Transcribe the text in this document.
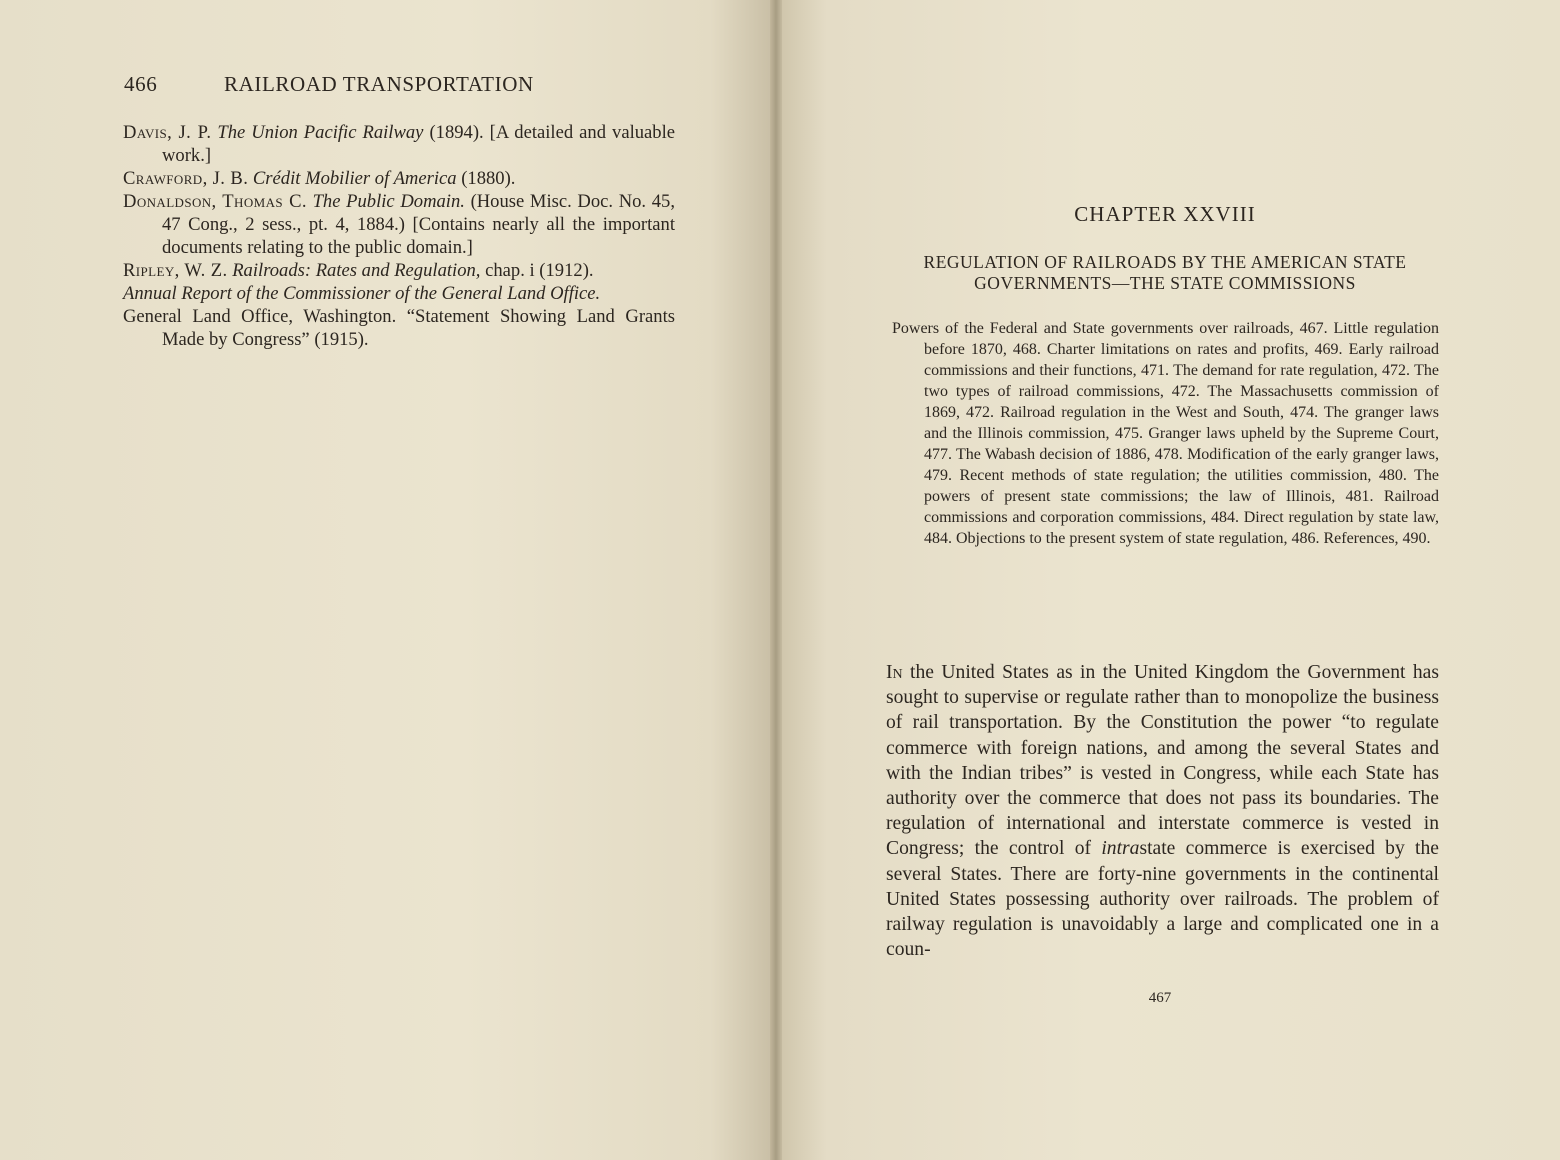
466	RAILROAD TRANSPORTATION
Davis, J. P. The Union Pacific Railway (1894). [A detailed and valuable work.]
Crawford, J. B. Crédit Mobilier of America (1880).
Donaldson, Thomas C. The Public Domain. (House Misc. Doc. No. 45, 47 Cong., 2 sess., pt. 4, 1884.) [Contains nearly all the important documents relating to the public domain.]
Ripley, W. Z. Railroads: Rates and Regulation, chap. i (1912).
Annual Report of the Commissioner of the General Land Office.
General Land Office, Washington. “Statement Showing Land Grants Made by Congress” (1915).
CHAPTER XXVIII
REGULATION OF RAILROADS BY THE AMERICAN STATE GOVERNMENTS—THE STATE COMMISSIONS
Powers of the Federal and State governments over railroads, 467. Little regulation before 1870, 468. Charter limitations on rates and profits, 469. Early railroad commissions and their functions, 471. The demand for rate regulation, 472. The two types of railroad commissions, 472. The Massachusetts commission of 1869, 472. Railroad regulation in the West and South, 474. The granger laws and the Illinois commission, 475. Granger laws upheld by the Supreme Court, 477. The Wabash decision of 1886, 478. Modification of the early granger laws, 479. Recent methods of state regulation; the utilities commission, 480. The powers of present state commissions; the law of Illinois, 481. Railroad commissions and corporation commissions, 484. Direct regulation by state law, 484. Objections to the present system of state regulation, 486. References, 490.
In the United States as in the United Kingdom the Government has sought to supervise or regulate rather than to monopolize the business of rail transportation. By the Constitution the power “to regulate commerce with foreign nations, and among the several States and with the Indian tribes” is vested in Congress, while each State has authority over the commerce that does not pass its boundaries. The regulation of international and interstate commerce is vested in Congress; the control of intrastate commerce is exercised by the several States. There are forty-nine governments in the continental United States possessing authority over railroads. The problem of railway regulation is unavoidably a large and complicated one in a coun-
467
